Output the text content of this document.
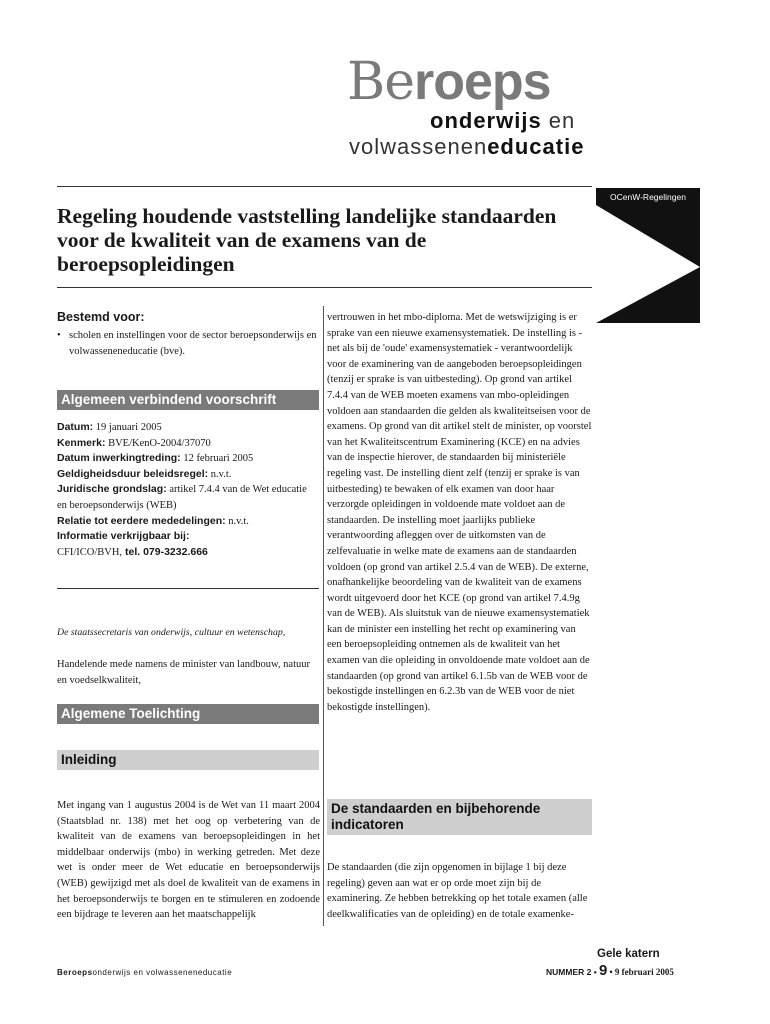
Beroeps
onderwijs en
volwasseneneducatie
OCenW-Regelingen
Regeling houdende vaststelling landelijke standaarden voor de kwaliteit van de examens van de beroepsopleidingen
Bestemd voor:
• scholen en instellingen voor de sector beroepsonderwijs en volwasseneneducatie (bve).
Algemeen verbindend voorschrift
Datum: 19 januari 2005
Kenmerk: BVE/KenO-2004/37070
Datum inwerkingtreding: 12 februari 2005
Geldigheidsduur beleidsregel: n.v.t.
Juridische grondslag: artikel 7.4.4 van de Wet educatie en beroepsonderwijs (WEB)
Relatie tot eerdere mededelingen: n.v.t.
Informatie verkrijgbaar bij:
CFI/ICO/BVH, tel. 079-3232.666
De staatssecretaris van onderwijs, cultuur en wetenschap,
Handelende mede namens de minister van landbouw, natuur en voedselkwaliteit,
Algemene Toelichting
Inleiding
Met ingang van 1 augustus 2004 is de Wet van 11 maart 2004 (Staatsblad nr. 138) met het oog op verbetering van de kwaliteit van de examens van beroepsopleidingen in het middelbaar onderwijs (mbo) in werking getreden. Met deze wet is onder meer de Wet educatie en beroepsonderwijs (WEB) gewijzigd met als doel de kwaliteit van de examens in het beroepsonderwijs te borgen en te stimuleren en zodoende een bijdrage te leveren aan het maatschappelijk
vertrouwen in het mbo-diploma. Met de wetswijziging is er sprake van een nieuwe examensystematiek. De instelling is - net als bij de 'oude' examensystematiek - verantwoordelijk voor de examinering van de aangeboden beroepsopleidingen (tenzij er sprake is van uitbesteding). Op grond van artikel 7.4.4 van de WEB moeten examens van mbo-opleidingen voldoen aan standaarden die gelden als kwaliteitseisen voor de examens. Op grond van dit artikel stelt de minister, op voorstel van het Kwaliteitscentrum Examinering (KCE) en na advies van de inspectie hierover, de standaarden bij ministeriële regeling vast. De instelling dient zelf (tenzij er sprake is van uitbesteding) te bewaken of elk examen van door haar verzorgde opleidingen in voldoende mate voldoet aan de standaarden. De instelling moet jaarlijks publieke verantwoording afleggen over de uitkomsten van de zelfevaluatie in welke mate de examens aan de standaarden voldoen (op grond van artikel 2.5.4 van de WEB). De externe, onafhankelijke beoordeling van de kwaliteit van de examens wordt uitgevoerd door het KCE (op grond van artikel 7.4.9g van de WEB). Als sluitstuk van de nieuwe examensystematiek kan de minister een instelling het recht op examinering van een beroepsopleiding ontnemen als de kwaliteit van het examen van die opleiding in onvoldoende mate voldoet aan de standaarden (op grond van artikel 6.1.5b van de WEB voor de bekostigde instellingen en 6.2.3b van de WEB voor de niet bekostigde instellingen).
De standaarden en bijbehorende indicatoren
De standaarden (die zijn opgenomen in bijlage 1 bij deze regeling) geven aan wat er op orde moet zijn bij de examinering. Ze hebben betrekking op het totale examen (alle deelkwalificaties van de opleiding) en de totale examenke-
Gele katern
Beroepsonderwijs en volwasseneneducatie	NUMMER 2 • 9 • 9 februari 2005
